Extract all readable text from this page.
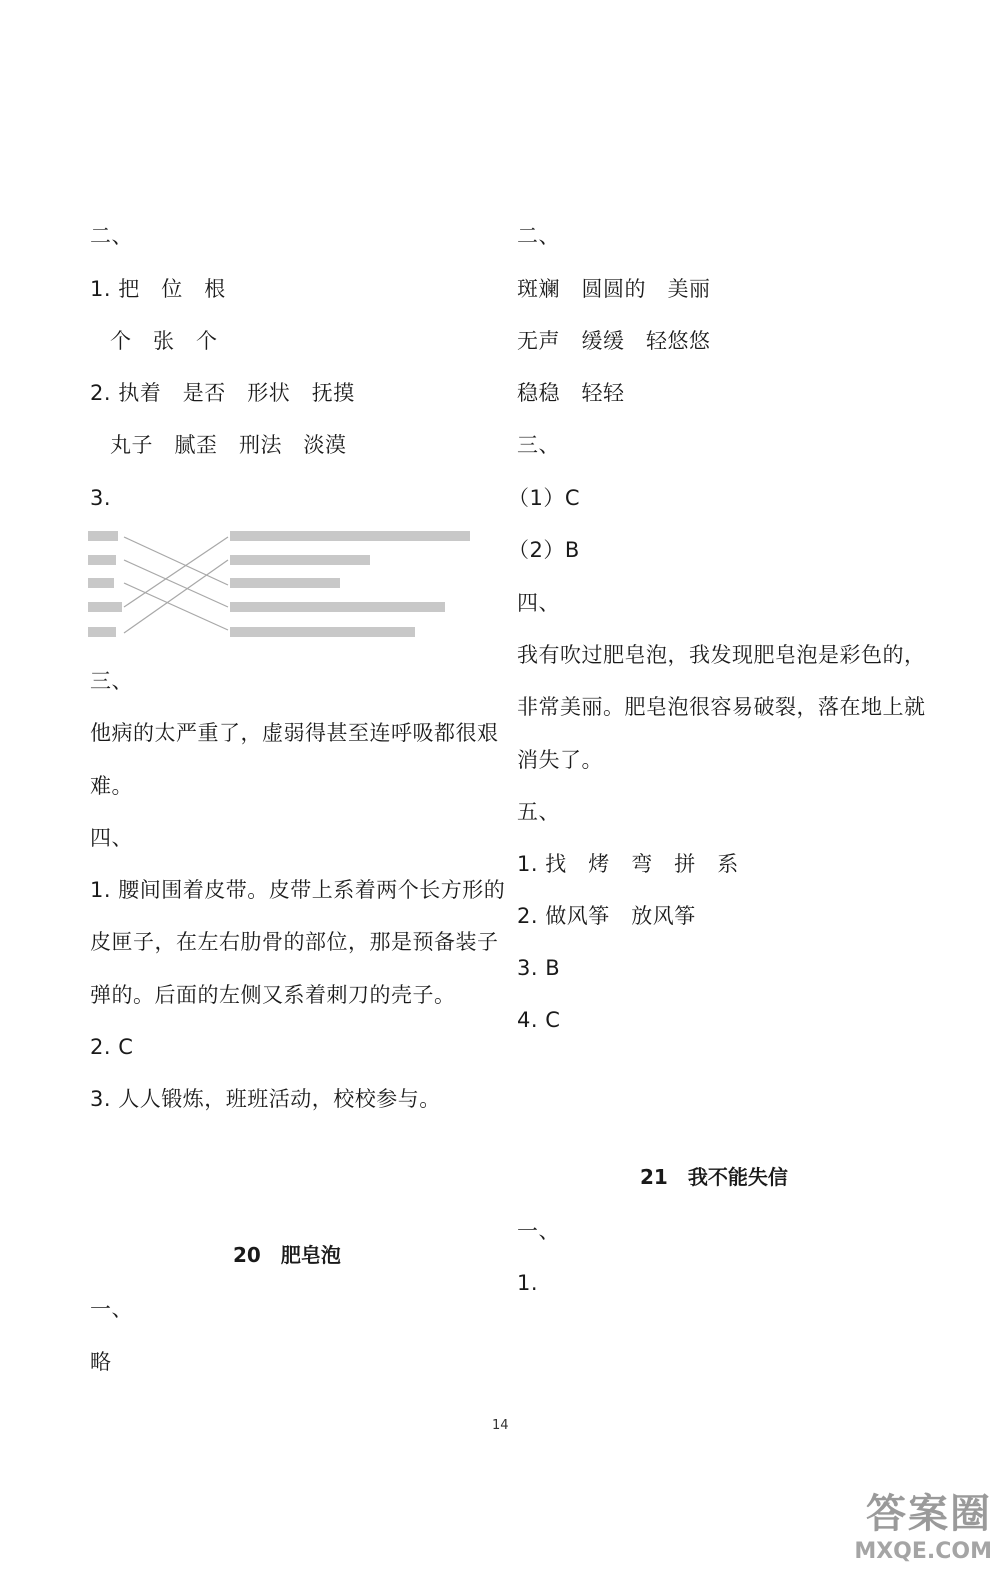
二、
1. 把　位　根
个　张　个
2. 执着　是否　形状　抚摸
丸子　腻歪　刑法　淡漠
3.
三、
他病的太严重了，虚弱得甚至连呼吸都很艰
难。
四、
1. 腰间围着皮带。皮带上系着两个长方形的
皮匣子，在左右肋骨的部位，那是预备装子
弹的。后面的左侧又系着刺刀的壳子。
2. C
3. 人人锻炼，班班活动，校校参与。
20　肥皂泡
一、
略
二、
斑斓　圆圆的　美丽
无声　缓缓　轻悠悠
稳稳　轻轻
三、
（1）C
（2）B
四、
我有吹过肥皂泡，我发现肥皂泡是彩色的，
非常美丽。肥皂泡很容易破裂，落在地上就
消失了。
五、
1. 找　烤　弯　拼　系
2. 做风筝　放风筝
3. B
4. C
21　我不能失信
一、
1.
14
答案圈
MXQE.COM
